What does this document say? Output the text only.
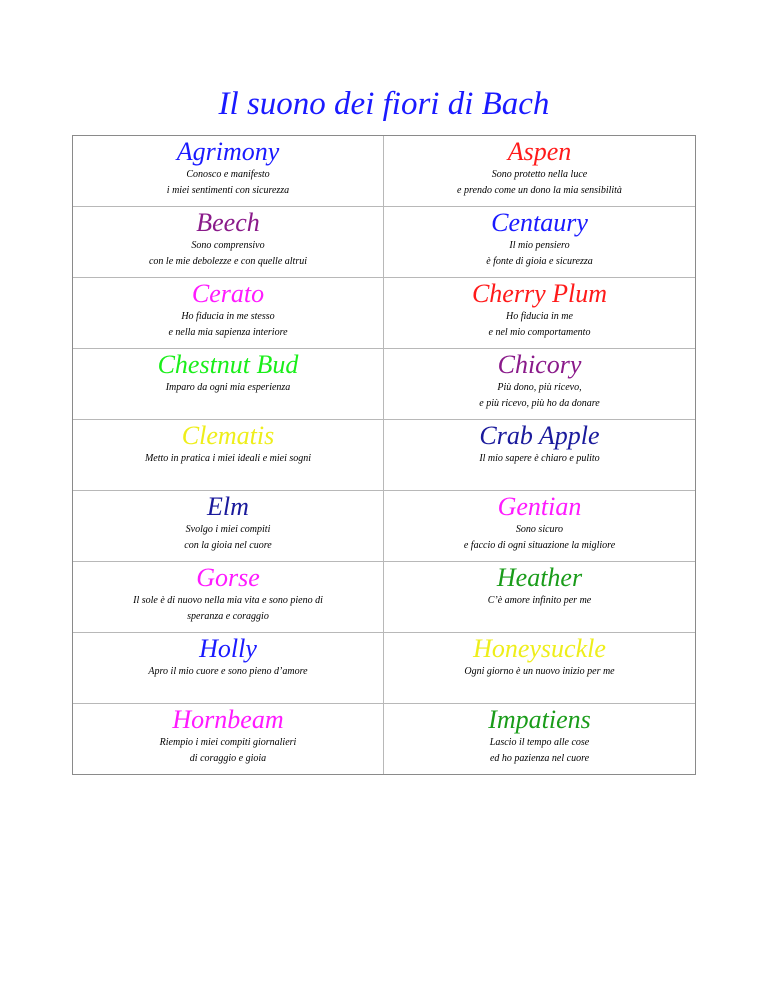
Il suono dei fiori di Bach
Agrimony
Conosco e manifesto
i miei sentimenti con sicurezza
Aspen
Sono protetto nella luce
e prendo come un dono la mia sensibilità
Beech
Sono comprensivo
con le mie debolezze e con quelle altrui
Centaury
Il mio pensiero
è fonte di gioia e sicurezza
Cerato
Ho fiducia in me stesso
e nella mia sapienza interiore
Cherry Plum
Ho fiducia in me
e nel mio comportamento
Chestnut Bud
Imparo da ogni mia esperienza
Chicory
Più dono, più ricevo,
e più ricevo, più ho da donare
Clematis
Metto in pratica i miei ideali e miei sogni
Crab Apple
Il mio sapere è chiaro e pulito
Elm
Svolgo i miei compiti
con la gioia nel cuore
Gentian
Sono sicuro
e faccio di ogni situazione la migliore
Gorse
Il sole è di nuovo nella mia vita e sono pieno di
speranza e coraggio
Heather
C’è amore infinito per me
Holly
Apro il mio cuore e sono pieno d’amore
Honeysuckle
Ogni giorno è un nuovo inizio per me
Hornbeam
Riempio i miei compiti giornalieri
di coraggio e gioia
Impatiens
Lascio il tempo alle cose
ed ho pazienza nel cuore
